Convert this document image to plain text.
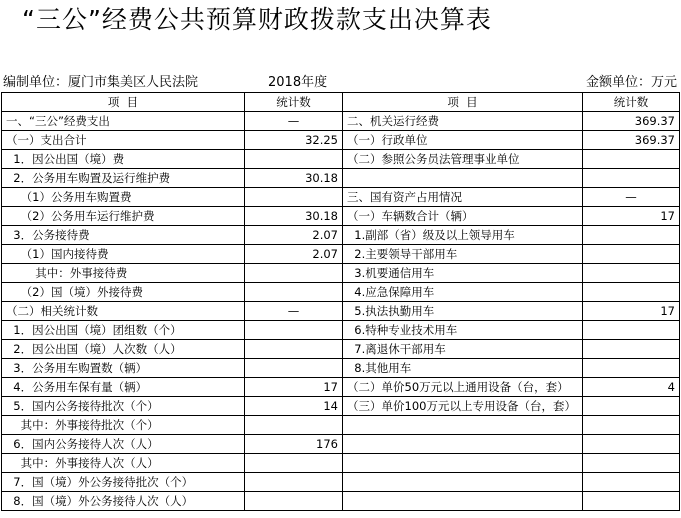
“三公”经费公共预算财政拨款支出决算表
编制单位：厦门市集美区人民法院	2018年度	金额单位：万元
项  目	统计数	项  目	统计数
一、“三公”经费支出	—	二、机关运行经费	369.37
（一）支出合计	32.25	（一）行政单位	369.37
1．因公出国（境）费		（二）参照公务员法管理事业单位	
2．公务用车购置及运行维护费	30.18		
（1）公务用车购置费		三、国有资产占用情况	—
（2）公务用车运行维护费	30.18	（一）车辆数合计（辆）	17
3．公务接待费	2.07	1.副部（省）级及以上领导用车	
（1）国内接待费	2.07	2.主要领导干部用车	
其中：外事接待费		3.机要通信用车	
（2）国（境）外接待费		4.应急保障用车	
（二）相关统计数	—	5.执法执勤用车	17
1．因公出国（境）团组数（个）		6.特种专业技术用车	
2．因公出国（境）人次数（人）		7.离退休干部用车	
3．公务用车购置数（辆）		8.其他用车	
4．公务用车保有量（辆）	17	（二）单价50万元以上通用设备（台，套）	4
5．国内公务接待批次（个）	14	（三）单价100万元以上专用设备（台，套）	
其中：外事接待批次（个）			
6．国内公务接待人次（人）	176		
其中：外事接待人次（人）			
7．国（境）外公务接待批次（个）			
8．国（境）外公务接待人次（人）			
